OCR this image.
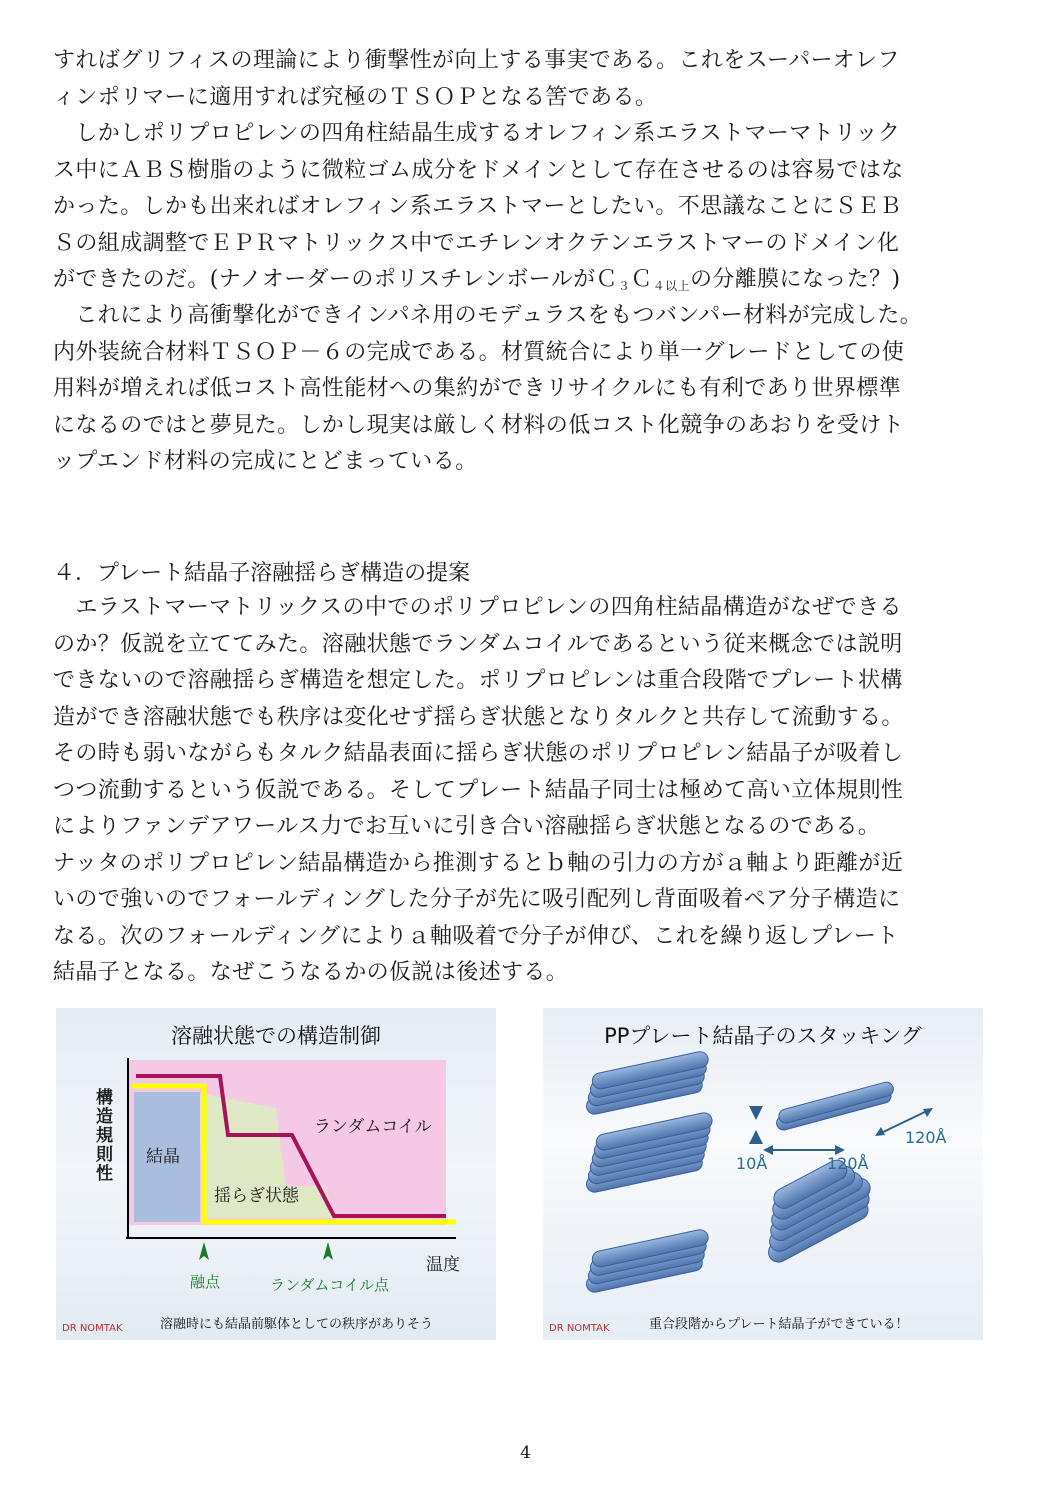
すればグリフィスの理論により衝撃性が向上する事実である。これをスーパーオレフ
ィンポリマーに適用すれば究極のＴＳＯＰとなる筈である。
　しかしポリプロピレンの四角柱結晶生成するオレフィン系エラストマーマトリック
ス中にＡＢＳ樹脂のように微粒ゴム成分をドメインとして存在させるのは容易ではな
かった。しかも出来ればオレフィン系エラストマーとしたい。不思議なことにＳＥＢ
Ｓの組成調整でＥＰＲマトリックス中でエチレンオクテンエラストマーのドメイン化
ができたのだ。(ナノオーダーのポリスチレンボールがＣ$_3$Ｃ$_{4以上}$の分離膜になった？)
　これにより高衝撃化ができインパネ用のモデュラスをもつバンパー材料が完成した。
内外装統合材料ＴＳＯＰ－６の完成である。材質統合により単一グレードとしての使
用料が増えれば低コスト高性能材への集約ができリサイクルにも有利であり世界標準
になるのではと夢見た。しかし現実は厳しく材料の低コスト化競争のあおりを受けト
ップエンド材料の完成にとどまっている。
４．プレート結晶子溶融揺らぎ構造の提案
　エラストマーマトリックスの中でのポリプロピレンの四角柱結晶構造がなぜできる
のか？仮説を立ててみた。溶融状態でランダムコイルであるという従来概念では説明
できないので溶融揺らぎ構造を想定した。ポリプロピレンは重合段階でプレート状構
造ができ溶融状態でも秩序は変化せず揺らぎ状態となりタルクと共存して流動する。
その時も弱いながらもタルク結晶表面に揺らぎ状態のポリプロピレン結晶子が吸着し
つつ流動するという仮説である。そしてプレート結晶子同士は極めて高い立体規則性
によりファンデアワールス力でお互いに引き合い溶融揺らぎ状態となるのである。
ナッタのポリプロピレン結晶構造から推測するとｂ軸の引力の方がａ軸より距離が近
いので強いのでフォールディングした分子が先に吸引配列し背面吸着ペア分子構造に
なる。次のフォールディングによりａ軸吸着で分子が伸び、これを繰り返しプレート
結晶子となる。なぜこうなるかの仮説は後述する。
溶融状態での構造制御
構造規則性 結晶
揺らぎ状態
ランダムコイル
温度
融点	ランダムコイル点
DR NOMTAK	溶融時にも結晶前駆体としての秩序がありそう
PPプレート結晶子のスタッキング
10Å	120Å
120Å
DR NOMTAK	重合段階からプレート結晶子ができている！
4
